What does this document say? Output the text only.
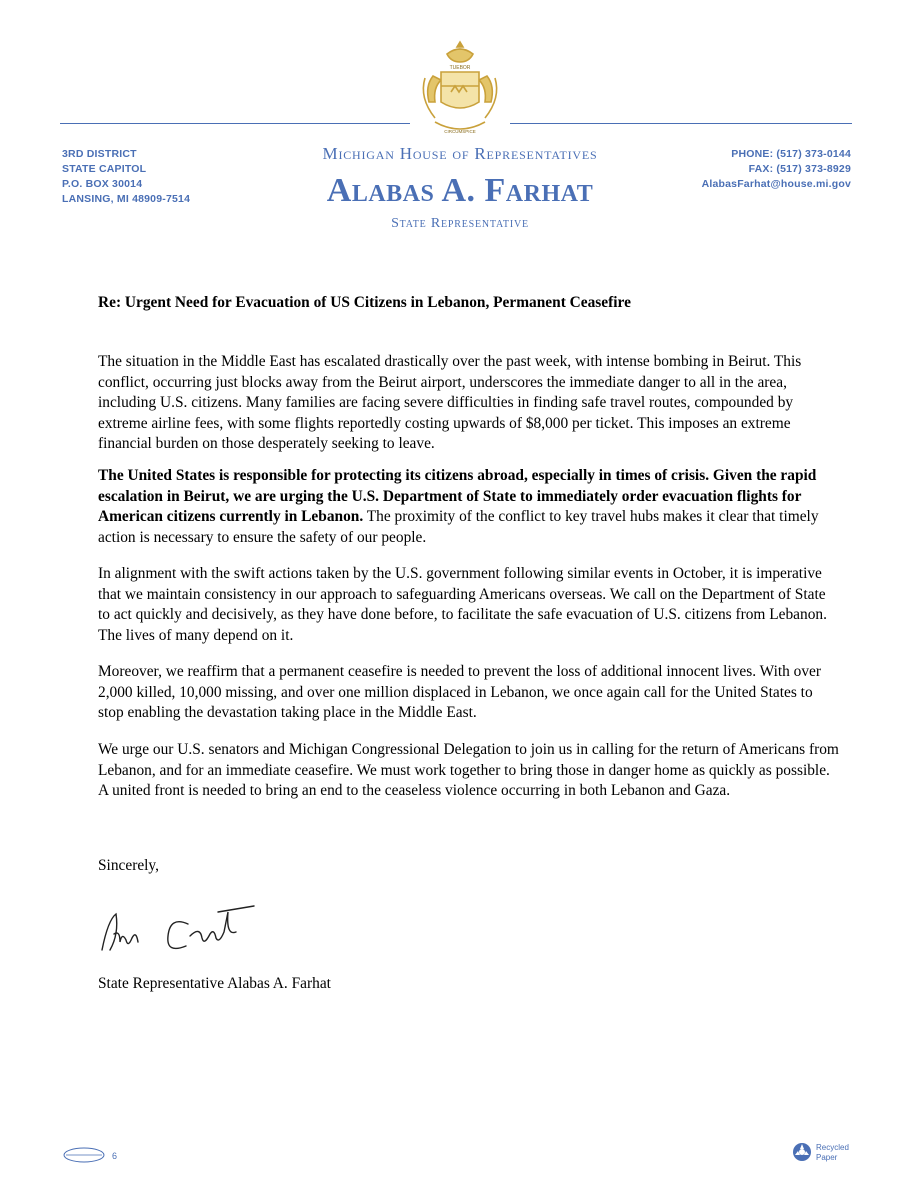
TUEBOR
CIRCUMSPICE
3RD DISTRICT
STATE CAPITOL
P.O. BOX 30014
LANSING, MI 48909-7514
Michigan House of Representatives
Alabas A. Farhat
State Representative
PHONE: (517) 373-0144
FAX: (517) 373-8929
AlabasFarhat@house.mi.gov
Re: Urgent Need for Evacuation of US Citizens in Lebanon, Permanent Ceasefire

The situation in the Middle East has escalated drastically over the past week, with intense bombing in Beirut. This conflict, occurring just blocks away from the Beirut airport, underscores the immediate danger to all in the area, including U.S. citizens. Many families are facing severe difficulties in finding safe travel routes, compounded by extreme airline fees, with some flights reportedly costing upwards of $8,000 per ticket. This imposes an extreme financial burden on those desperately seeking to leave.

The United States is responsible for protecting its citizens abroad, especially in times of crisis. Given the rapid escalation in Beirut, we are urging the U.S. Department of State to immediately order evacuation flights for American citizens currently in Lebanon. The proximity of the conflict to key travel hubs makes it clear that timely action is necessary to ensure the safety of our people.

In alignment with the swift actions taken by the U.S. government following similar events in October, it is imperative that we maintain consistency in our approach to safeguarding Americans overseas. We call on the Department of State to act quickly and decisively, as they have done before, to facilitate the safe evacuation of U.S. citizens from Lebanon. The lives of many depend on it.

Moreover, we reaffirm that a permanent ceasefire is needed to prevent the loss of additional innocent lives. With over 2,000 killed, 10,000 missing, and over one million displaced in Lebanon, we once again call for the United States to stop enabling the devastation taking place in the Middle East.

We urge our U.S. senators and Michigan Congressional Delegation to join us in calling for the return of Americans from Lebanon, and for an immediate ceasefire. We must work together to bring those in danger home as quickly as possible. A united front is needed to bring an end to the ceaseless violence occurring in both Lebanon and Gaza.

Sincerely,
State Representative Alabas A. Farhat
6
Recycled
Paper
